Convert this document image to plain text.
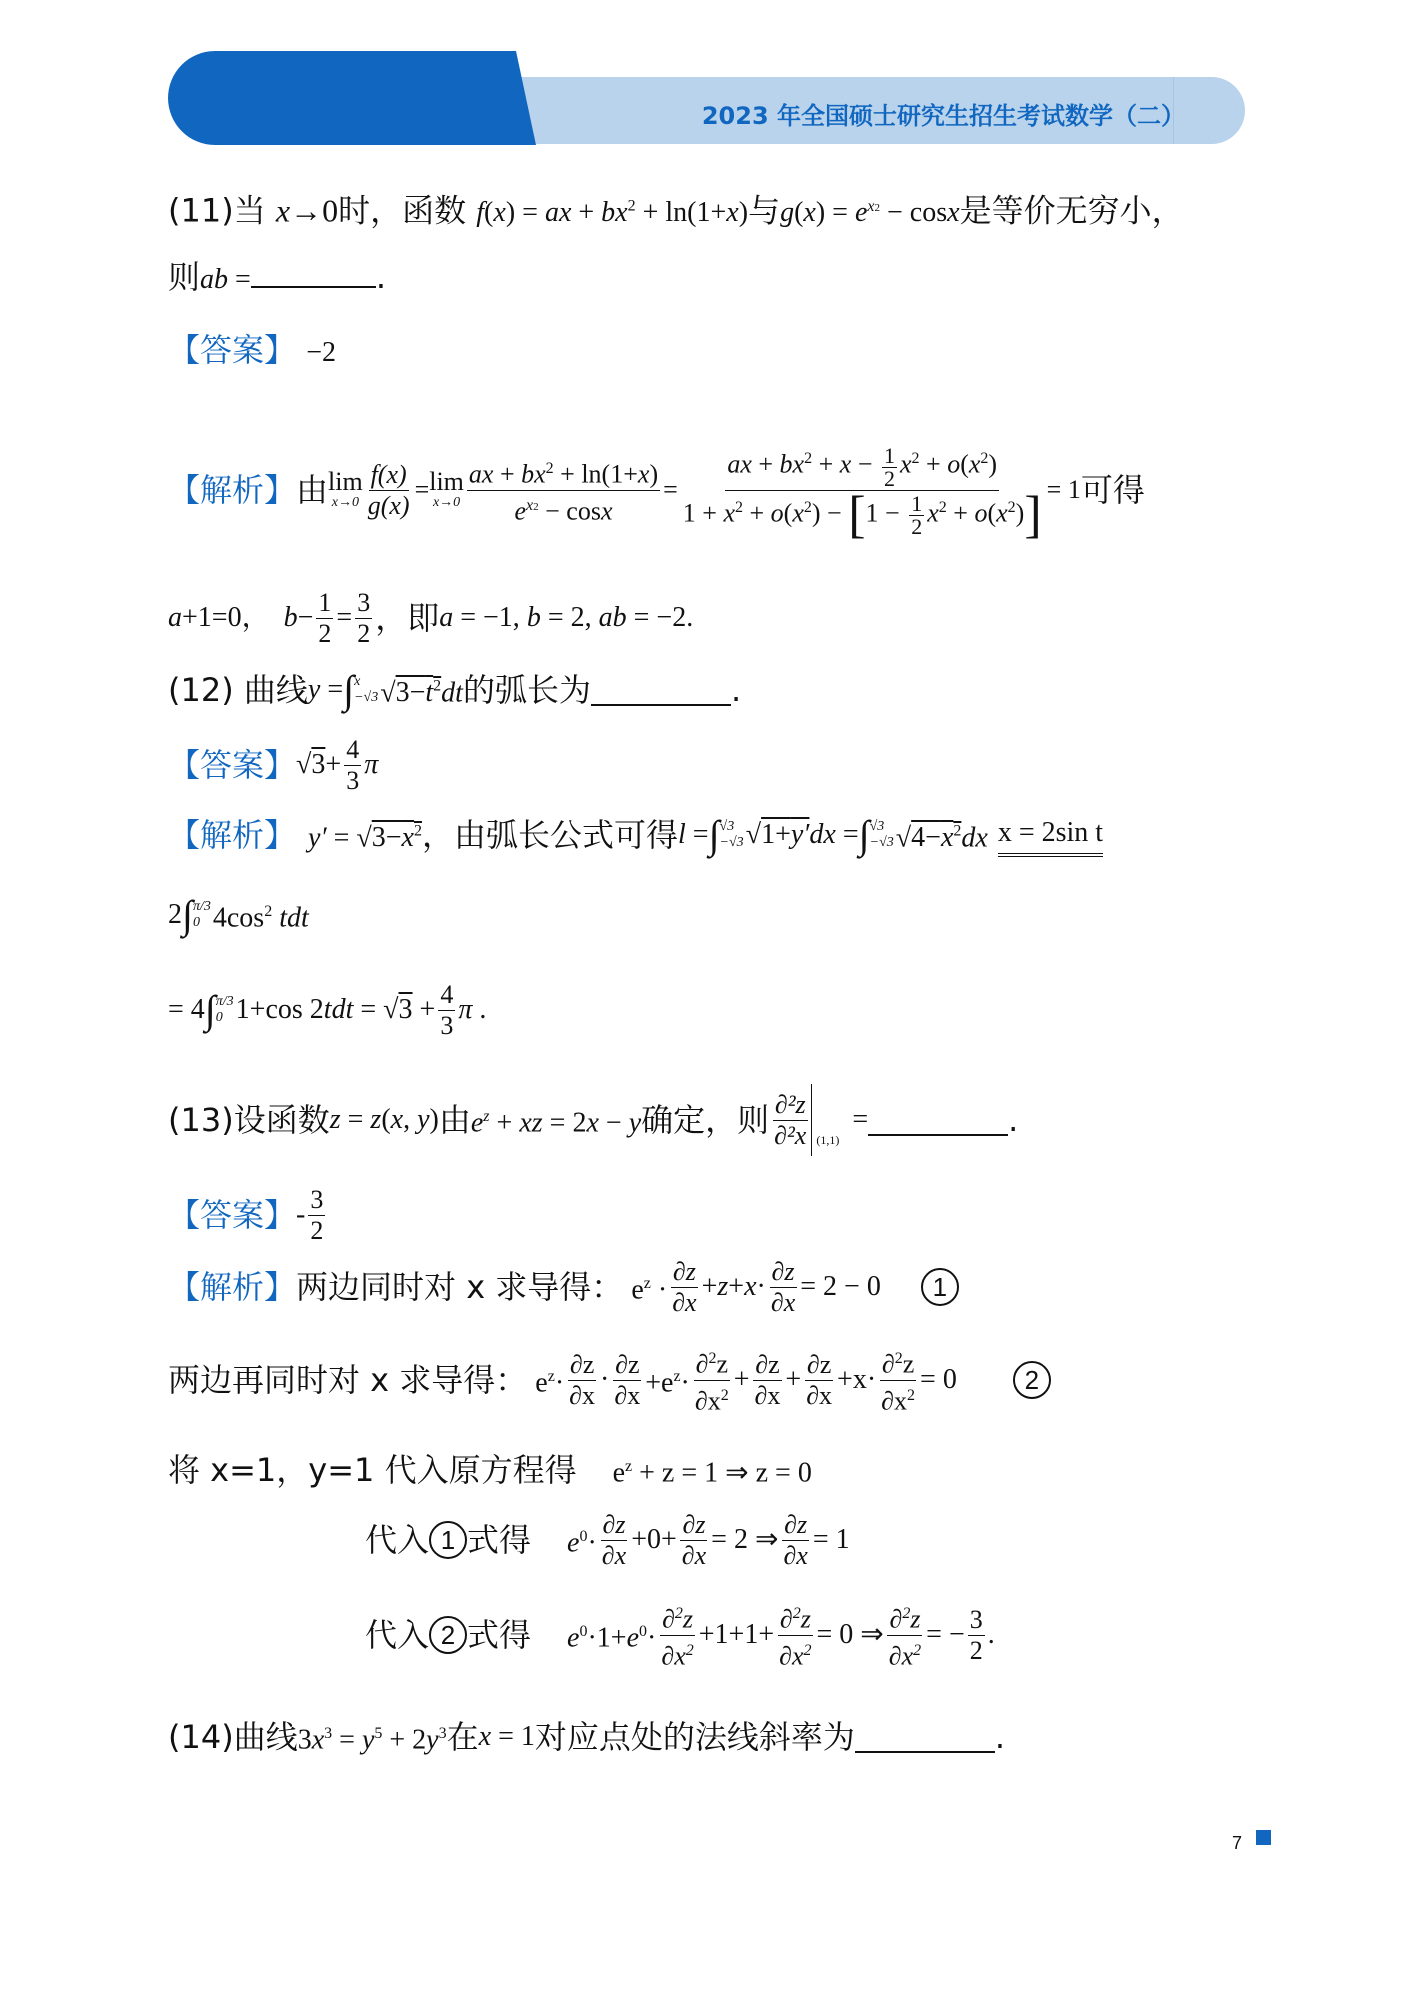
2023 年全国硕士研究生招生考试数学（二）
(11)当 x→0时，函数 f(x) = ax + $bx^2 + \ln(1+x)$与$g(x) = e^{x2} - \cos x$是等价无穷小，
则ab =	.
【答案】 −2
【解析】 由 lim
$x\to 0 \frac{f(x)}{g(x)} = \lim$
$x\to 0 \frac{ax + bx^2 + \ln(1+x)}{e^{x2} - \cos x} = \frac{ax + bx^2 + x - \frac{1}{2} x^2 + o(x^2)}{1 + x^2 + o(x^2) - [1 - \frac{1}{2} x^2 + o(x^2)]} = 1$ 可得
a+1=0， $b- \frac{1}{2} = \frac{3}{2}$ ， 即 a = −1, b = 2, ab = −2.
(12)
曲线 y = ∫ x
−√3 $√3-t^2dt$ 的弧长为	.
【答案】 $√3+ \frac{4}{3}$ π
【解析】 $y' = √3-x^2$ ，由弧长公式可得 l = ∫ √3
−√3 √1+y′dx = ∫ √3
−√3 $√4-x^2dx$ x = 2sin t
2 ∫ π/3
0 $4\cos^2$ tdt
= 4 ∫ π/3
0 1+cos $2tdt = √3 + \frac{4}{3}$ π .
(13) 设函数 z = z(x, y) 由 $e^z$ + xz = 2x − y 确定，则 $\frac{\text{∂²z}}{\text{∂²x}} (1,1)$
=	.
【答案】 - $\frac{3}{2}$
【解析】 两边同时对 x 求导得： $e^z \cdot \frac{\partial z}{\partial x} +z+x\cdot \frac{\partial z}{\partial x} = 2 - 0$	1
两边再同时对 x 求导得： $e^z\cdot \frac{\partial z}{\partial x} \cdot \frac{\partial z}{\partial x} +e^z\cdot \frac{\partial^2z}{\partial x^2} + \frac{\partial z}{\partial x} + \frac{\partial z}{\partial x} +x\cdot \frac{\partial^2z}{\partial x^2} = 0$	2
将 x=1，y=1 代入原方程得 $e^z + z = 1$ ⇒ z = 0
代入 1 式得 $e^0\cdot \frac{\partial z}{\partial x} +0+ \frac{\partial z}{\partial x} = 2$ ⇒ $\frac{\partial z}{\partial x} = 1$
代入 2 式得 $e^0\cdot 1+e^0\cdot \frac{\partial^2z}{\partial x^2} +1+1+ \frac{\partial^2z}{\partial x^2} = 0$ ⇒ $\frac{\partial^2z}{\partial x^2}$ = − $\frac{3}{2}$ .
(14) 曲线 $3x^3 = y^5 + 2y^3$ 在 x = 1 对应点处的法线斜率为	.
7
